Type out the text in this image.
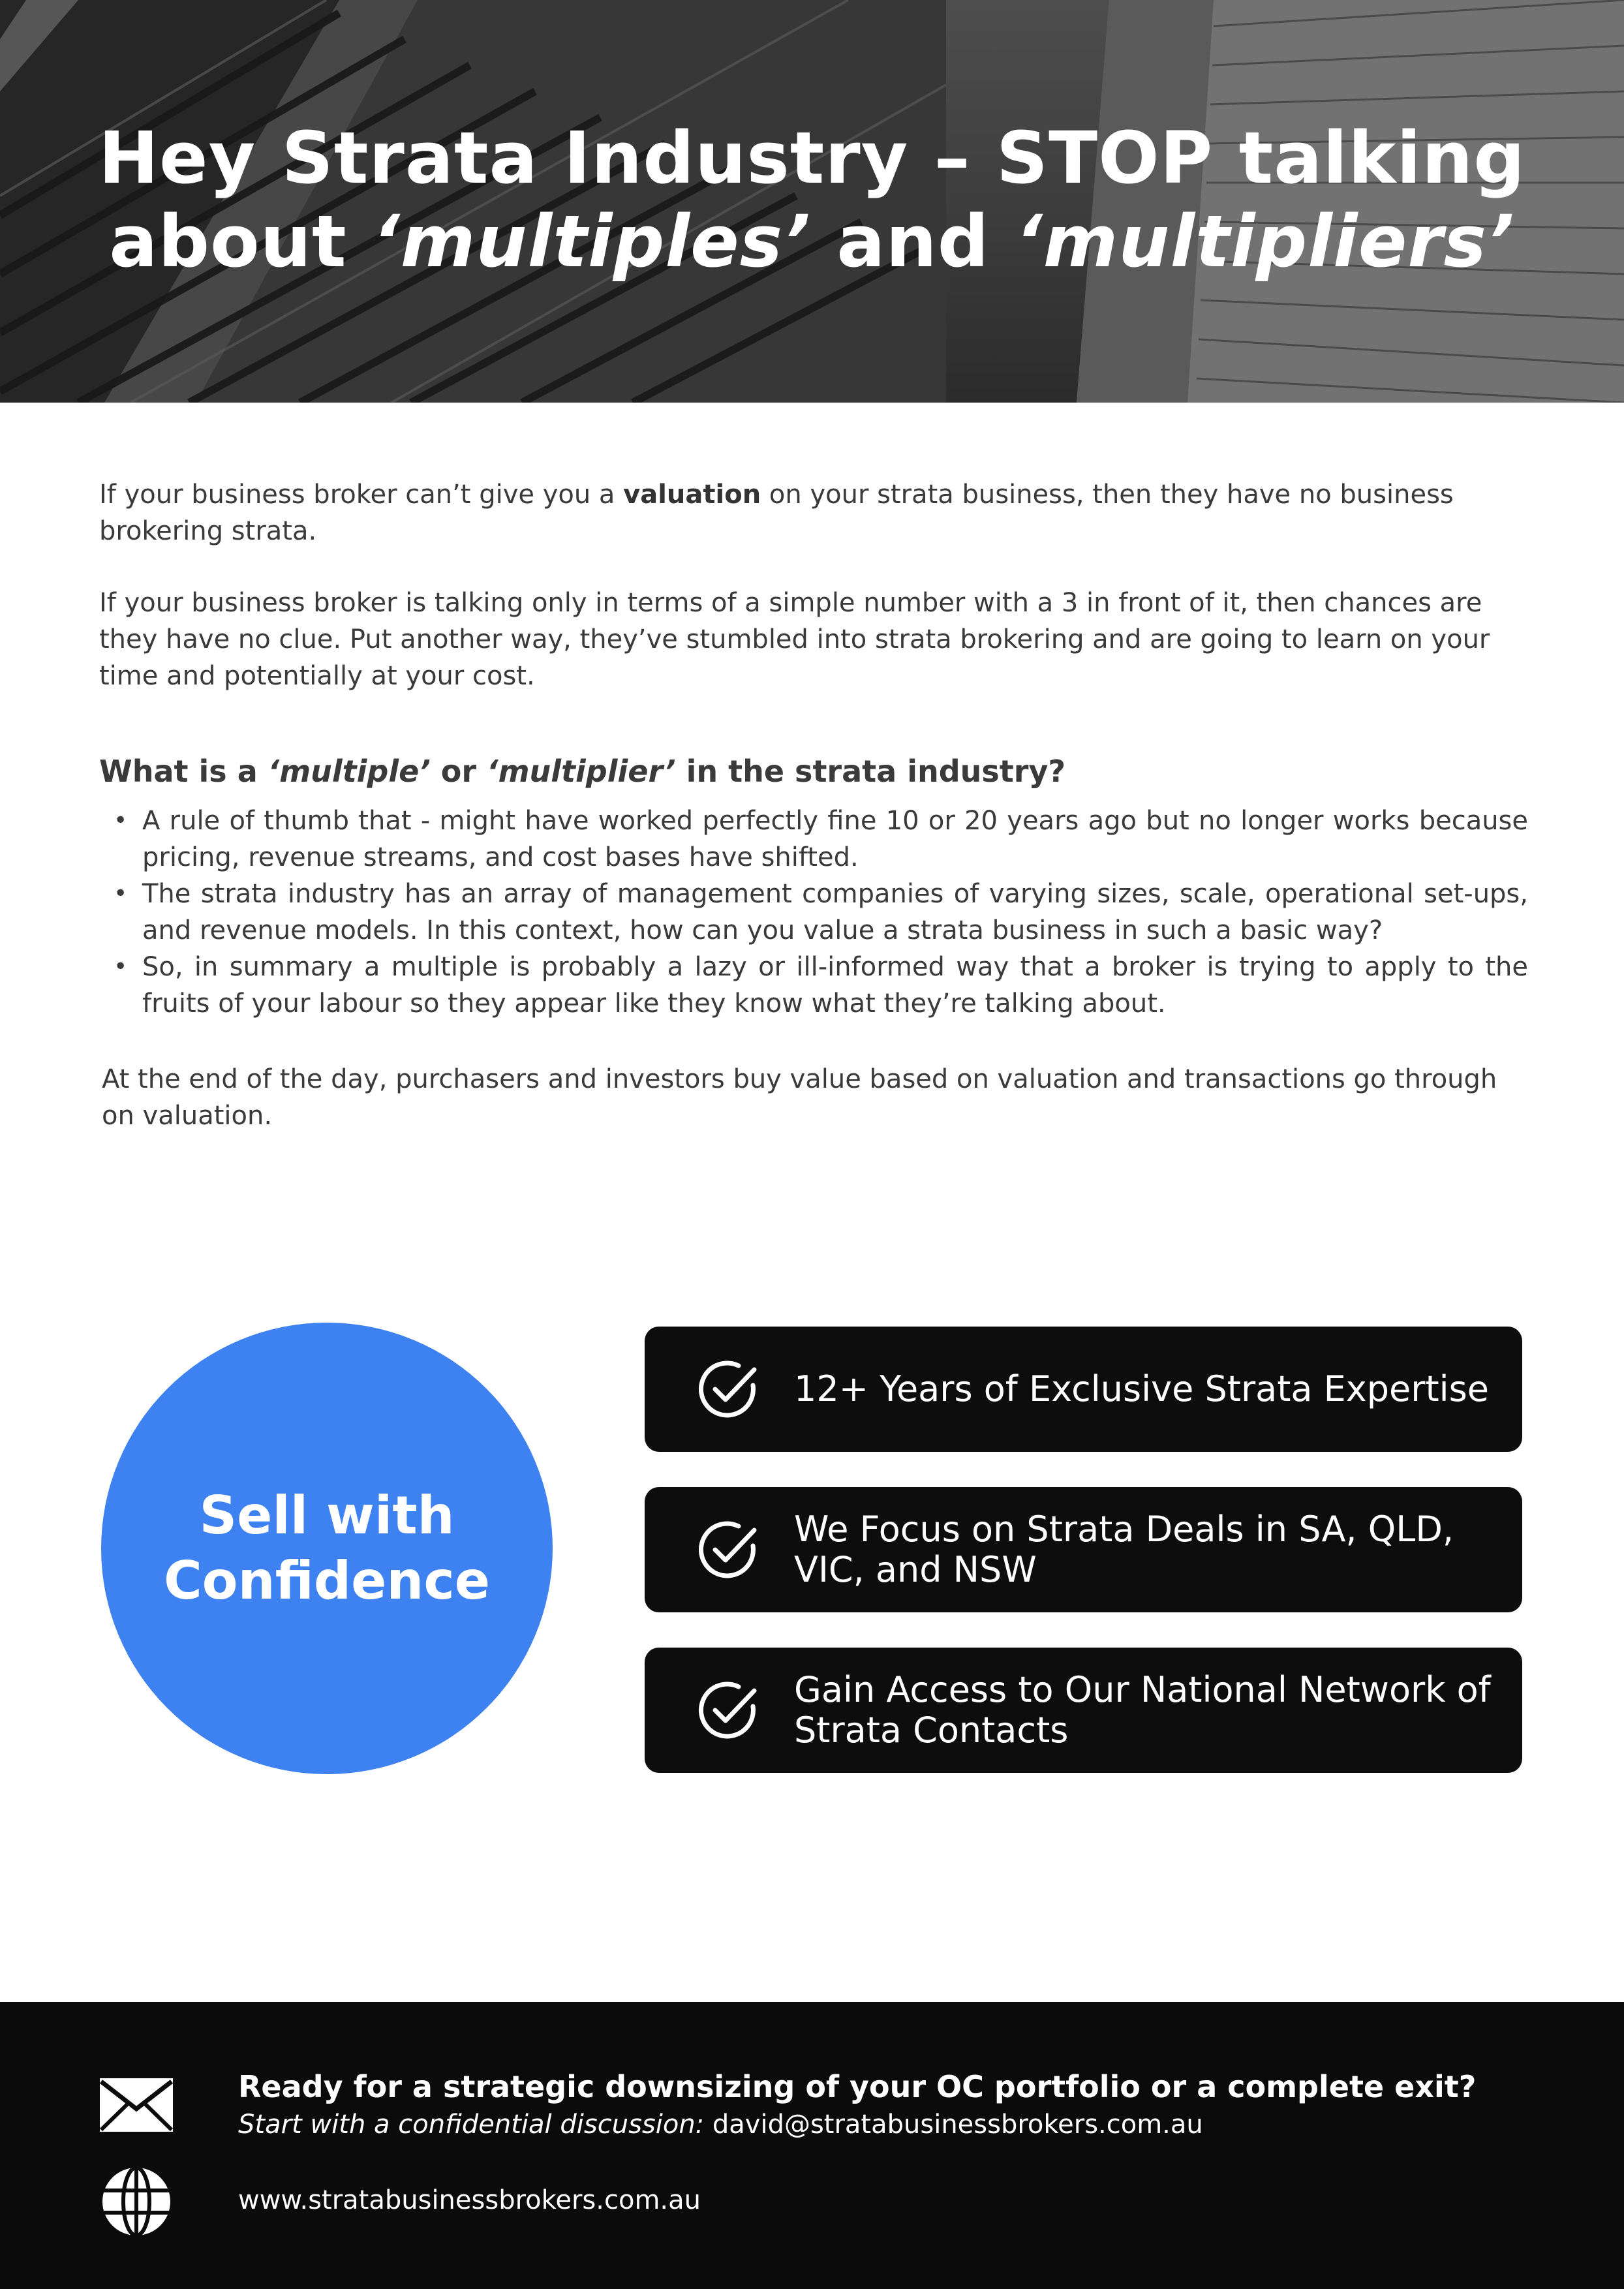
Hey Strata Industry – STOP talking
about ‘multiples’ and ‘multipliers’

If your business broker can’t give you a valuation on your strata business, then they have no business brokering strata.

If your business broker is talking only in terms of a simple number with a 3 in front of it, then chances are they have no clue. Put another way, they’ve stumbled into strata brokering and are going to learn on your time and potentially at your cost.

What is a ‘multiple’ or ‘multiplier’ in the strata industry?
• A rule of thumb that - might have worked perfectly fine 10 or 20 years ago but no longer works because pricing, revenue streams, and cost bases have shifted.
• The strata industry has an array of management companies of varying sizes, scale, operational set-ups, and revenue models. In this context, how can you value a strata business in such a basic way?
• So, in summary a multiple is probably a lazy or ill-informed way that a broker is trying to apply to the fruits of your labour so they appear like they know what they’re talking about.

At the end of the day, purchasers and investors buy value based on valuation and transactions go through on valuation.

Sell with Confidence
12+ Years of Exclusive Strata Expertise
We Focus on Strata Deals in SA, QLD, VIC, and NSW
Gain Access to Our National Network of Strata Contacts
Ready for a strategic downsizing of your OC portfolio or a complete exit?
Start with a confidential discussion: david@stratabusinessbrokers.com.au
www.stratabusinessbrokers.com.au
